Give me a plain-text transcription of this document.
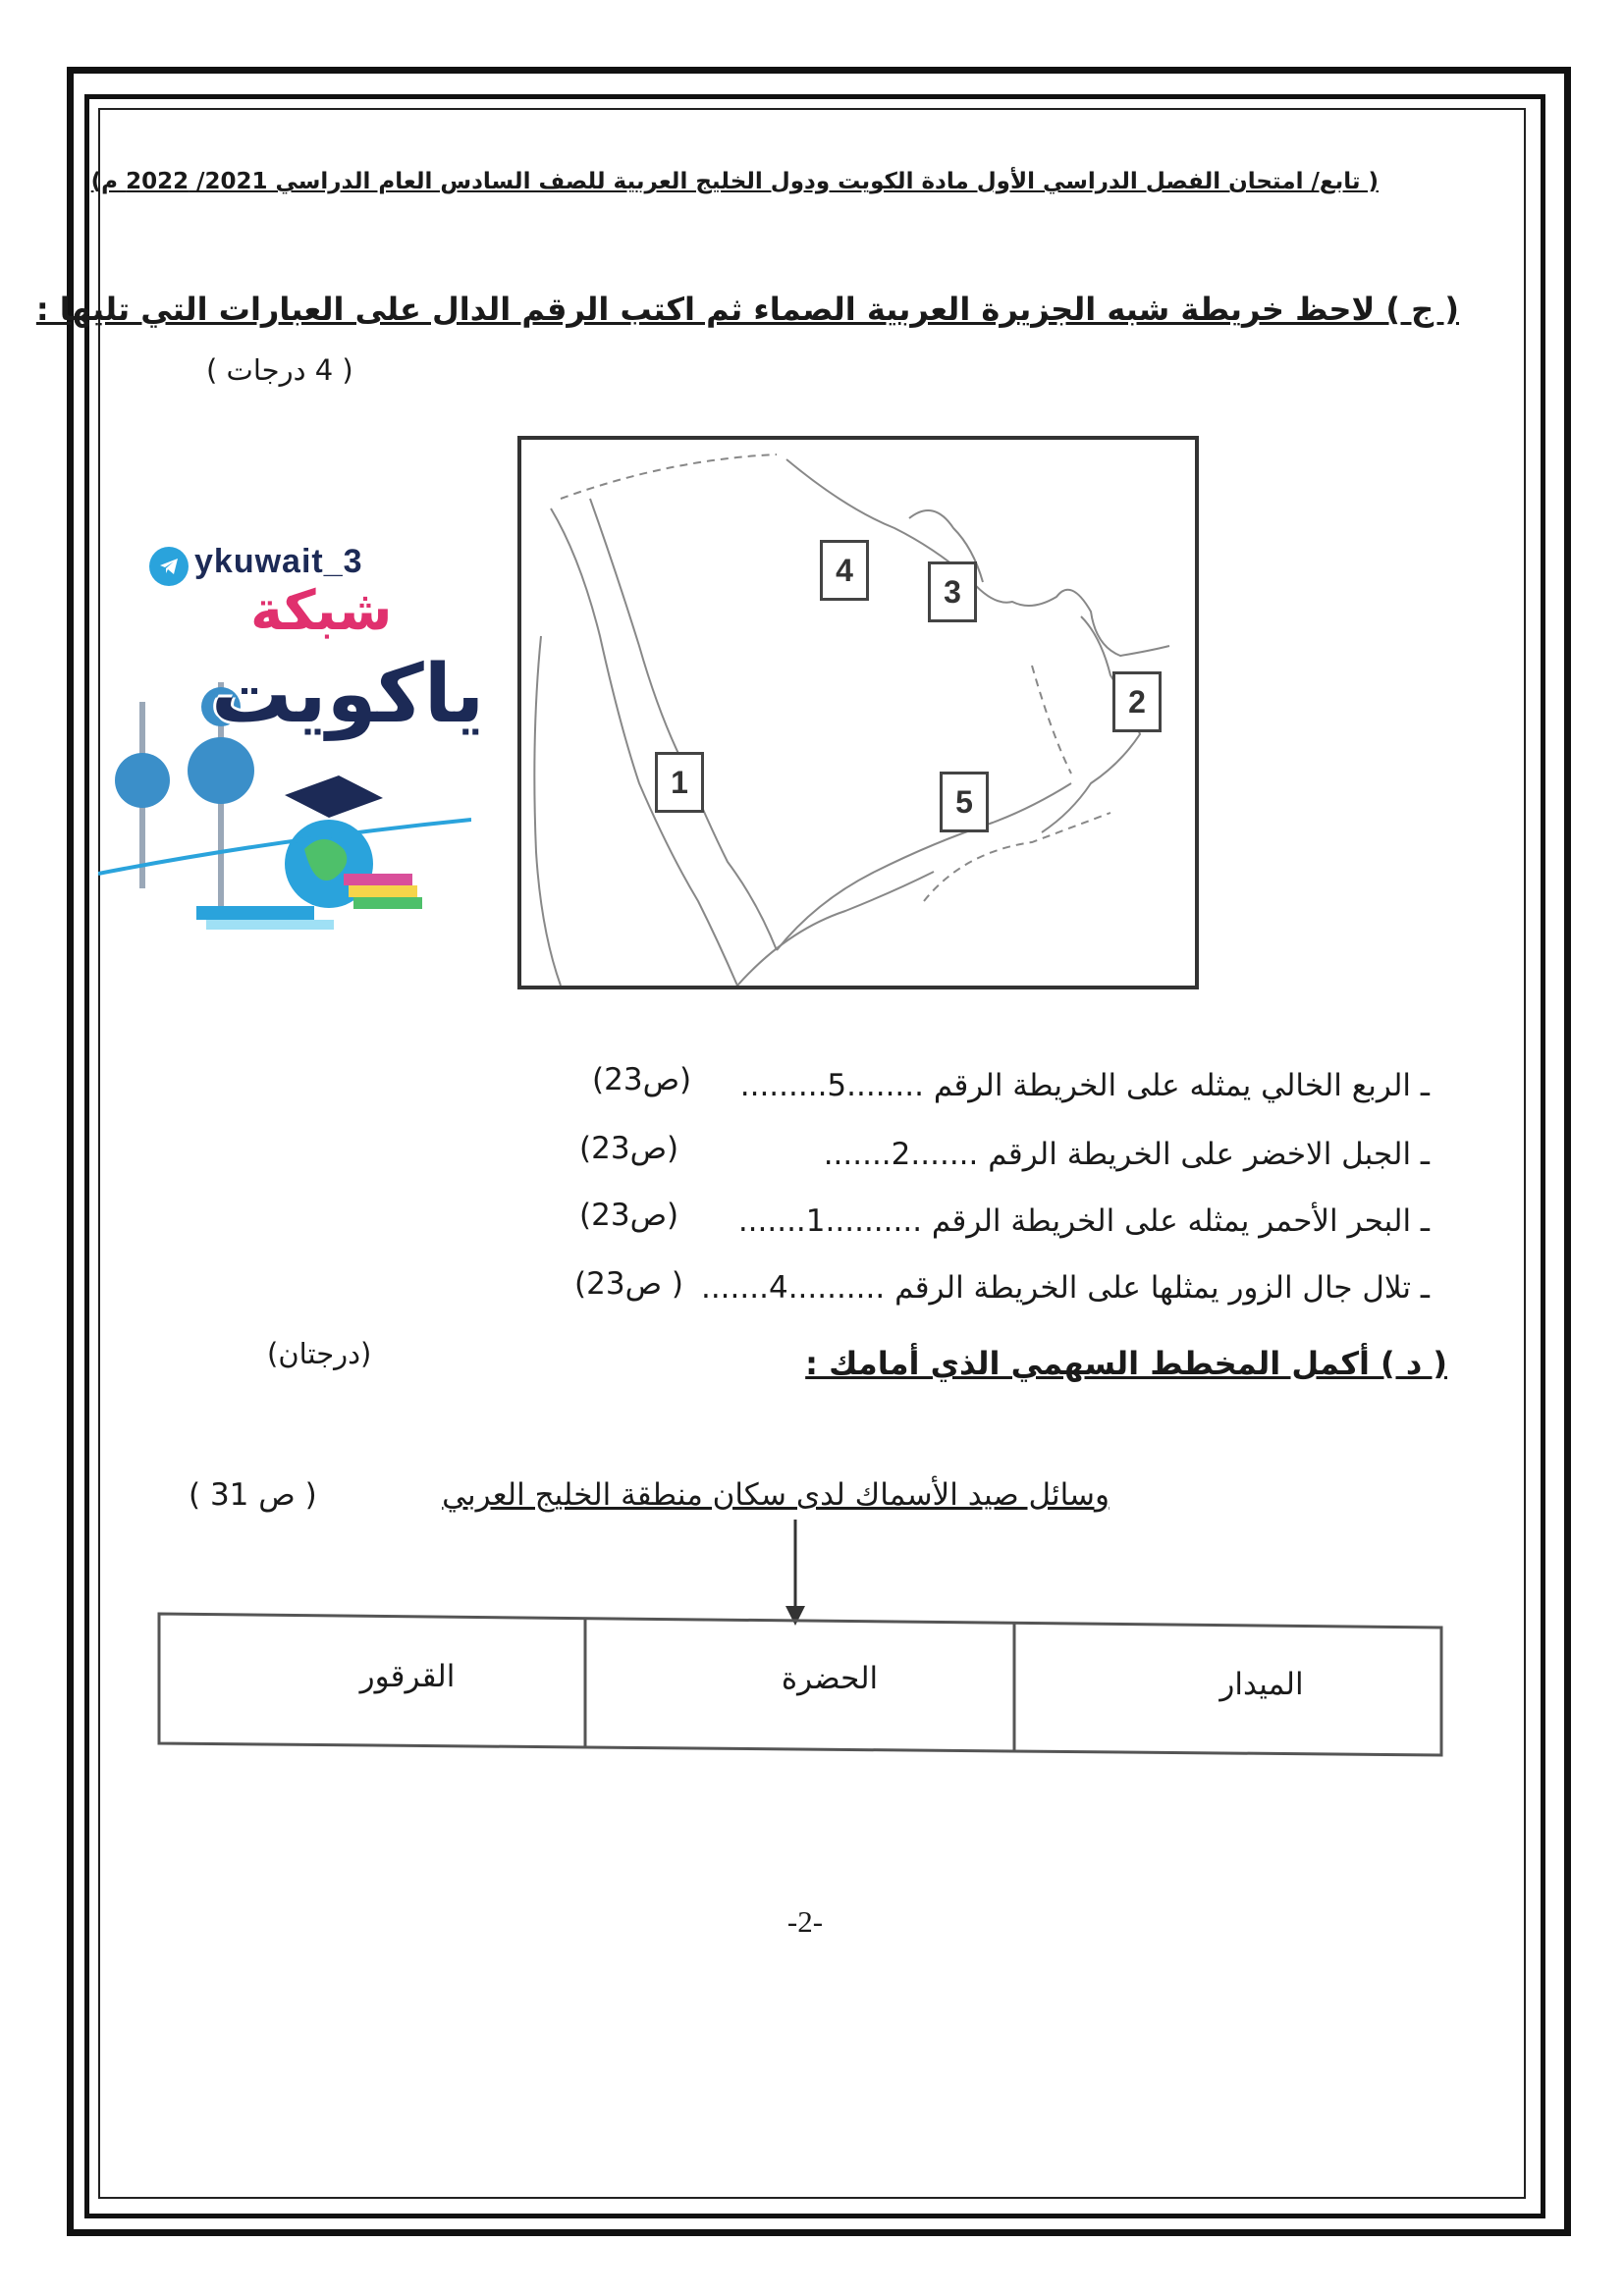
( تابع/ امتحان الفصل الدراسي الأول مادة الكويت ودول الخليج العربية للصف السادس العام الدراسي 2021/ 2022 م)
( ج ) لاحظ خريطة شبه الجزيرة العربية الصماء ثم اكتب الرقم الدال على العبارات التي تليها :
( 4 درجات )
شبكة
ياكويت
ykuwait_3	4
3
2
1
5
ـ الربع الخالي يمثله على الخريطة الرقم ........5.........
(ص23)
ـ الجبل الاخضر على الخريطة الرقم .......2.......
(ص23)
ـ البحر الأحمر يمثله على الخريطة الرقم ..........1.......
(ص23)
ـ تلال جال الزور يمثلها على الخريطة الرقم ..........4.......
( ص23)
( د ) أكمل المخطط السهمي الذي أمامك :
(درجتان)
وسائل صيد الأسماك لدى سكان منطقة الخليج العربي
( ص 31 )
الميدار
الحضرة
القرقور
-2-
